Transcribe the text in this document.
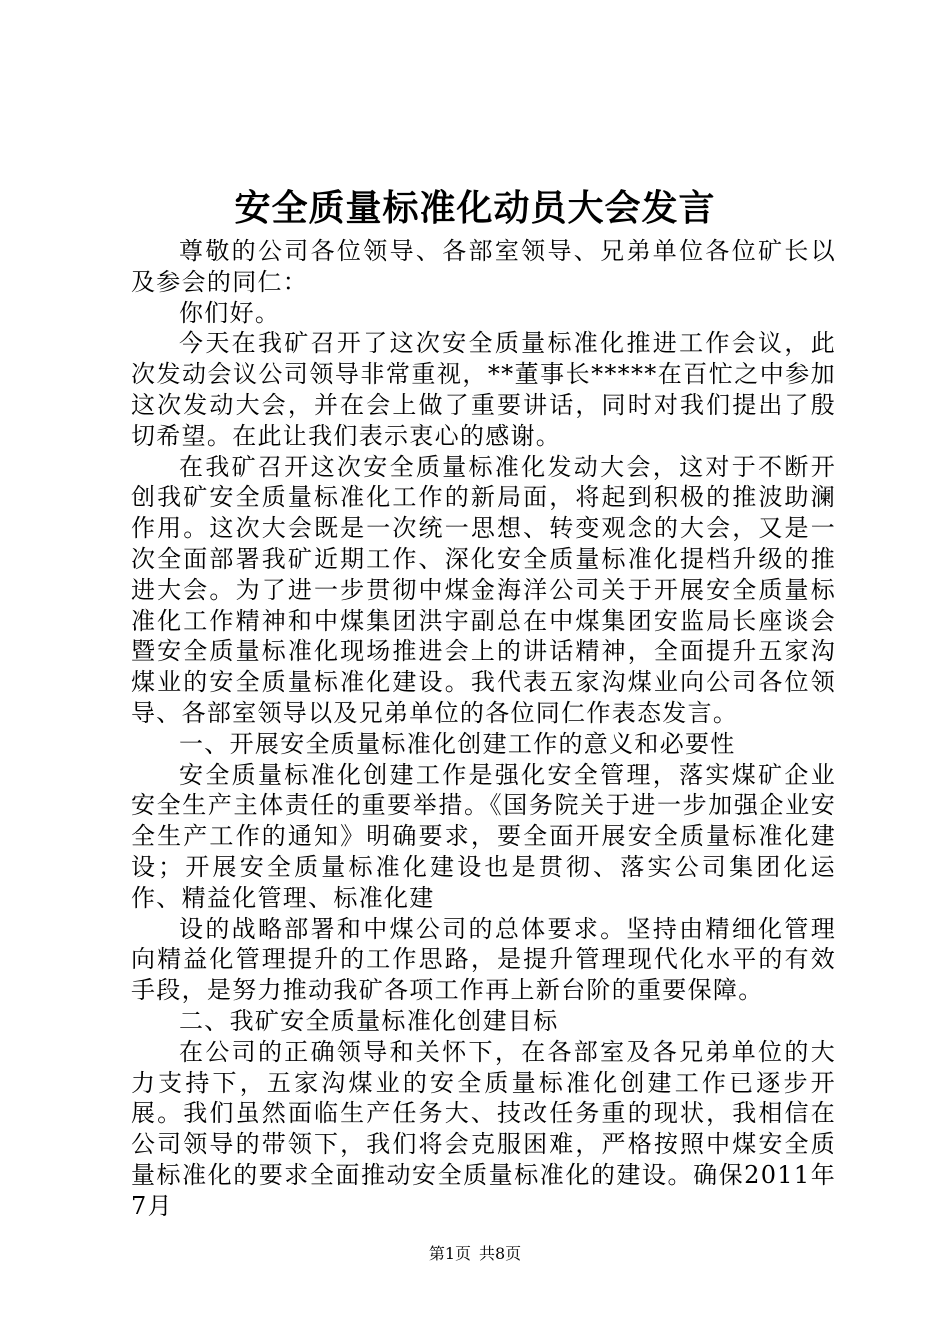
安全质量标准化动员大会发言

尊敬的公司各位领导、各部室领导、兄弟单位各位矿长以及参会的同仁：

你们好。

今天在我矿召开了这次安全质量标准化推进工作会议，此次发动会议公司领导非常重视，**董事长*****在百忙之中参加这次发动大会，并在会上做了重要讲话，同时对我们提出了殷切希望。在此让我们表示衷心的感谢。

在我矿召开这次安全质量标准化发动大会，这对于不断开创我矿安全质量标准化工作的新局面，将起到积极的推波助澜作用。这次大会既是一次统一思想、转变观念的大会，又是一次全面部署我矿近期工作、深化安全质量标准化提档升级的推进大会。为了进一步贯彻中煤金海洋公司关于开展安全质量标准化工作精神和中煤集团洪宇副总在中煤集团安监局长座谈会暨安全质量标准化现场推进会上的讲话精神，全面提升五家沟煤业的安全质量标准化建设。我代表五家沟煤业向公司各位领导、各部室领导以及兄弟单位的各位同仁作表态发言。

一、开展安全质量标准化创建工作的意义和必要性

安全质量标准化创建工作是强化安全管理，落实煤矿企业安全生产主体责任的重要举措。《国务院关于进一步加强企业安全生产工作的通知》明确要求，要全面开展安全质量标准化建设；开展安全质量标准化建设也是贯彻、落实公司集团化运作、精益化管理、标准化建

设的战略部署和中煤公司的总体要求。坚持由精细化管理向精益化管理提升的工作思路，是提升管理现代化水平的有效手段，是努力推动我矿各项工作再上新台阶的重要保障。

二、我矿安全质量标准化创建目标

在公司的正确领导和关怀下，在各部室及各兄弟单位的大力支持下，五家沟煤业的安全质量标准化创建工作已逐步开展。我们虽然面临生产任务大、技改任务重的现状，我相信在公司领导的带领下，我们将会克服困难，严格按照中煤安全质量标准化的要求全面推动安全质量标准化的建设。确保2011年7月

第1页 共8页
